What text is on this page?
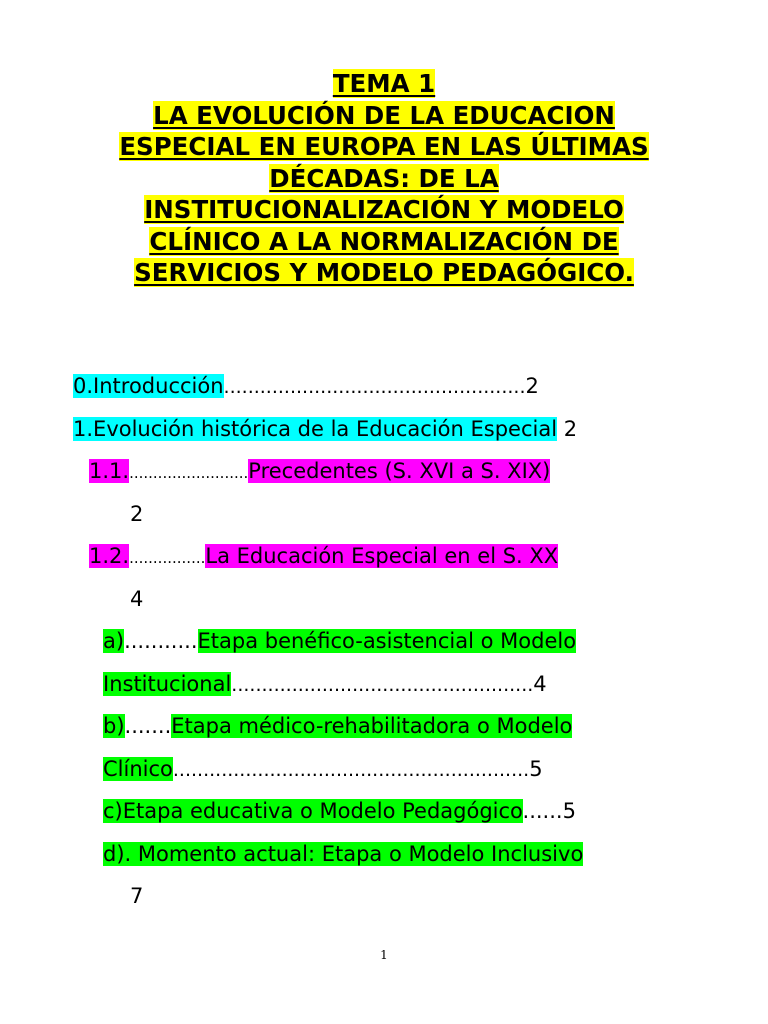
TEMA 1
LA EVOLUCIÓN DE LA EDUCACION
ESPECIAL EN EUROPA EN LAS ÚLTIMAS
DÉCADAS: DE LA
INSTITUCIONALIZACIÓN Y MODELO
CLÍNICO A LA NORMALIZACIÓN DE
SERVICIOS Y MODELO PEDAGÓGICO.
0.Introducción..................................................2
1.Evolución histórica de la Educación Especial 2
1.1..........................Precedentes (S. XVI a S. XIX)
2
1.2.................La Educación Especial en el S. XX
4
a)...........Etapa benéfico-asistencial o Modelo
Institucional..................................................4
b).......Etapa médico-rehabilitadora o Modelo
Clínico...........................................................5
c)Etapa educativa o Modelo Pedagógico......5
d). Momento actual: Etapa o Modelo Inclusivo
7
1
